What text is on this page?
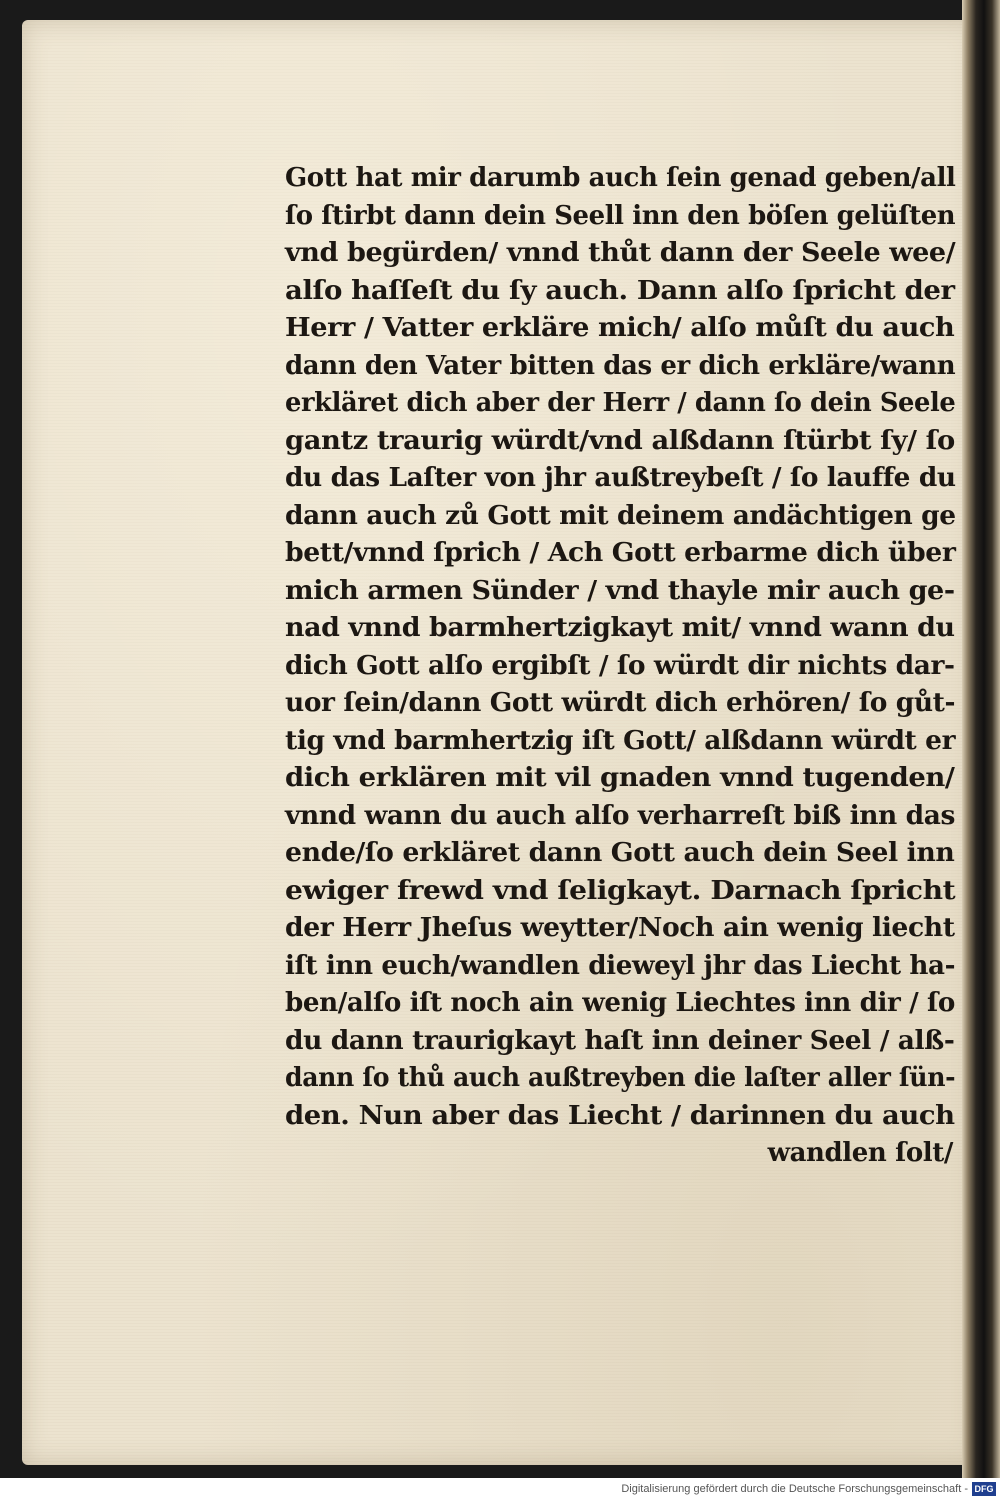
Gott hat mir darumb auch ſein genad geben/all
ſo ſtirbt dann dein Seell inn den böſen gelüſten
vnd begürden/ vnnd thůt dann der Seele wee/
alſo haſſeſt du ſy auch. Dann alſo ſpricht der
Herr / Vatter erkläre mich/ alſo můſt du auch
dann den Vater bitten das er dich erkläre/wann
erkläret dich aber der Herr / dann ſo dein Seele
gantz traurig würdt/vnd alßdann ſtürbt ſy/ ſo
du das Laſter von jhr außtreybeſt / ſo lauffe du
dann auch zů Gott mit deinem andächtigen ge
bett/vnnd ſprich / Ach Gott erbarme dich über
mich armen Sünder / vnd thayle mir auch ge-
nad vnnd barmhertzigkayt mit/ vnnd wann du
dich Gott alſo ergibſt / ſo würdt dir nichts dar-
uor ſein/dann Gott würdt dich erhören/ ſo gůt-
tig vnd barmhertzig iſt Gott/ alßdann würdt er
dich erklären mit vil gnaden vnnd tugenden/
vnnd wann du auch alſo verharreſt biß inn das
ende/ſo erkläret dann Gott auch dein Seel inn
ewiger frewd vnd ſeligkayt. Darnach ſpricht
der Herr Jheſus weytter/Noch ain wenig liecht
iſt inn euch/wandlen dieweyl jhr das Liecht ha-
ben/alſo iſt noch ain wenig Liechtes inn dir / ſo
du dann traurigkayt haſt inn deiner Seel / alß-
dann ſo thů auch außtreyben die laſter aller ſün-
den. Nun aber das Liecht / darinnen du auch
wandlen ſolt/
Digitalisierung gefördert durch die Deutsche Forschungsgemeinschaft - DFG
